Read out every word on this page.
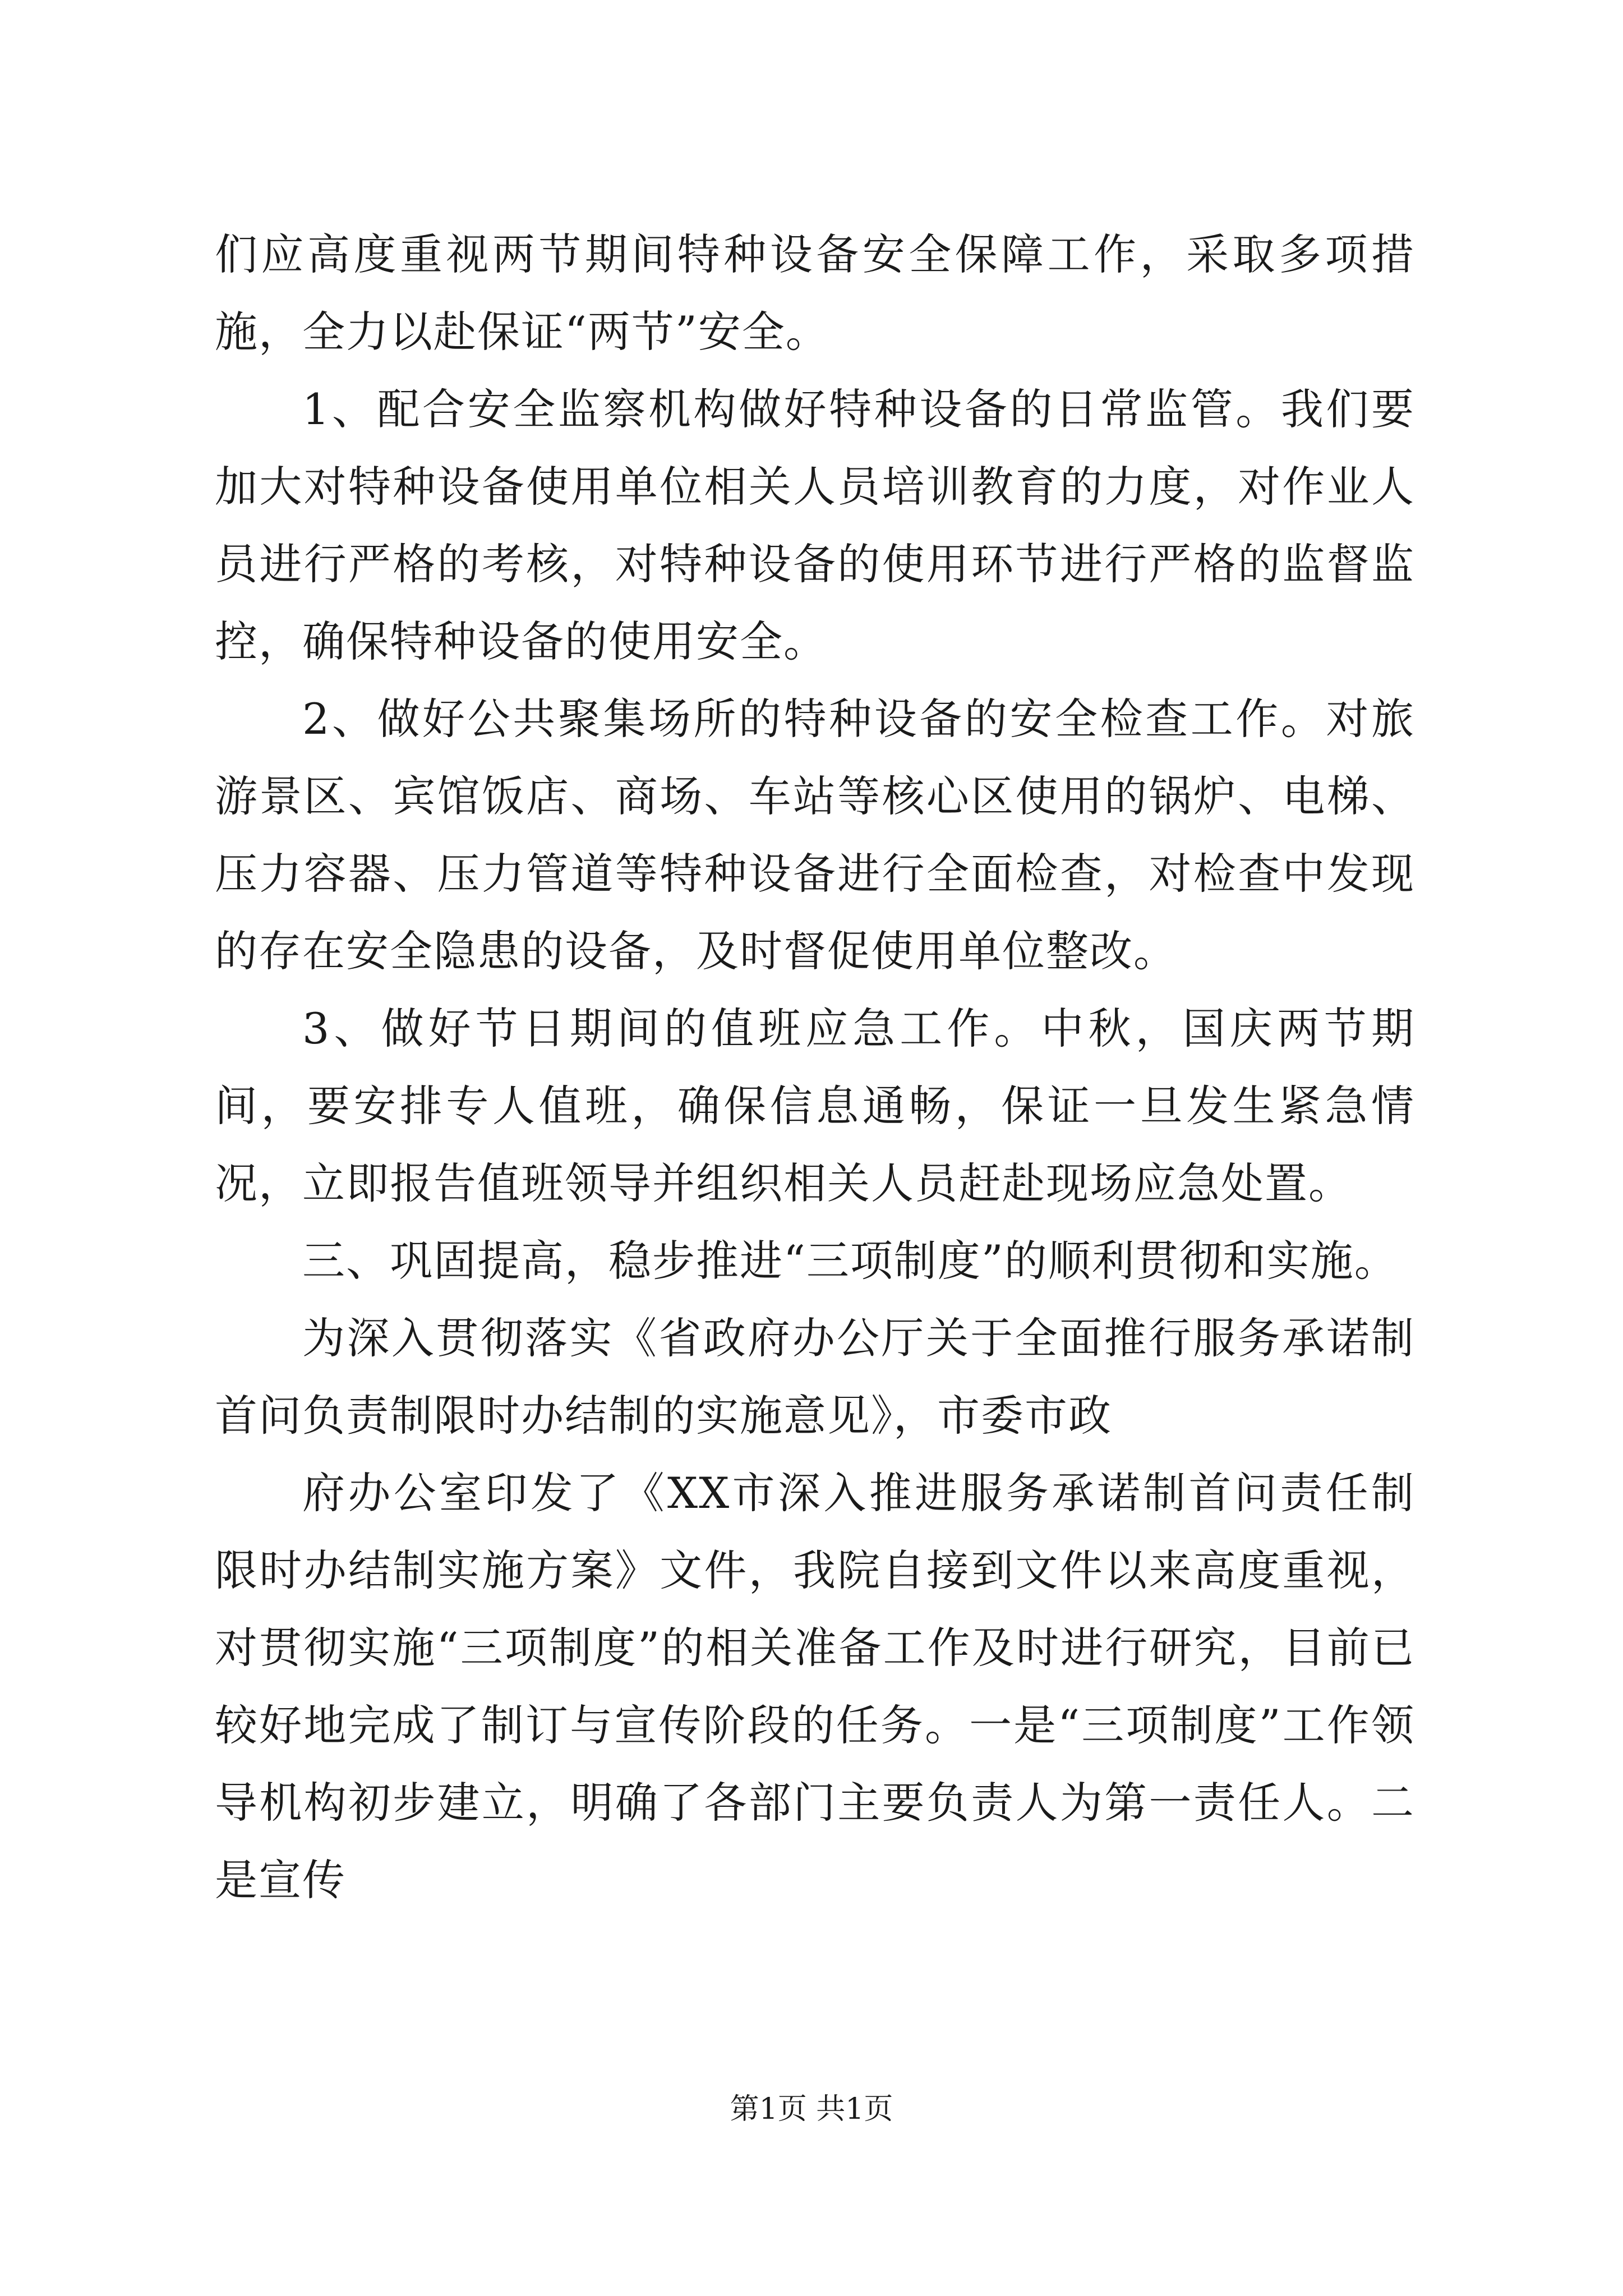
们应高度重视两节期间特种设备安全保障工作，采取多项措施，全力以赴保证“两节”安全。

1、配合安全监察机构做好特种设备的日常监管。我们要加大对特种设备使用单位相关人员培训教育的力度，对作业人员进行严格的考核，对特种设备的使用环节进行严格的监督监控，确保特种设备的使用安全。

2、做好公共聚集场所的特种设备的安全检查工作。对旅游景区、宾馆饭店、商场、车站等核心区使用的锅炉、电梯、压力容器、压力管道等特种设备进行全面检查，对检查中发现的存在安全隐患的设备，及时督促使用单位整改。

3、做好节日期间的值班应急工作。中秋，国庆两节期间，要安排专人值班，确保信息通畅，保证一旦发生紧急情况，立即报告值班领导并组织相关人员赶赴现场应急处置。

三、巩固提高，稳步推进“三项制度”的顺利贯彻和实施。

为深入贯彻落实《省政府办公厅关于全面推行服务承诺制首问负责制限时办结制的实施意见》，市委市政

府办公室印发了《XX市深入推进服务承诺制首问责任制限时办结制实施方案》文件，我院自接到文件以来高度重视，对贯彻实施“三项制度”的相关准备工作及时进行研究，目前已较好地完成了制订与宣传阶段的任务。一是“三项制度”工作领导机构初步建立，明确了各部门主要负责人为第一责任人。二是宣传

第1页 共1页
